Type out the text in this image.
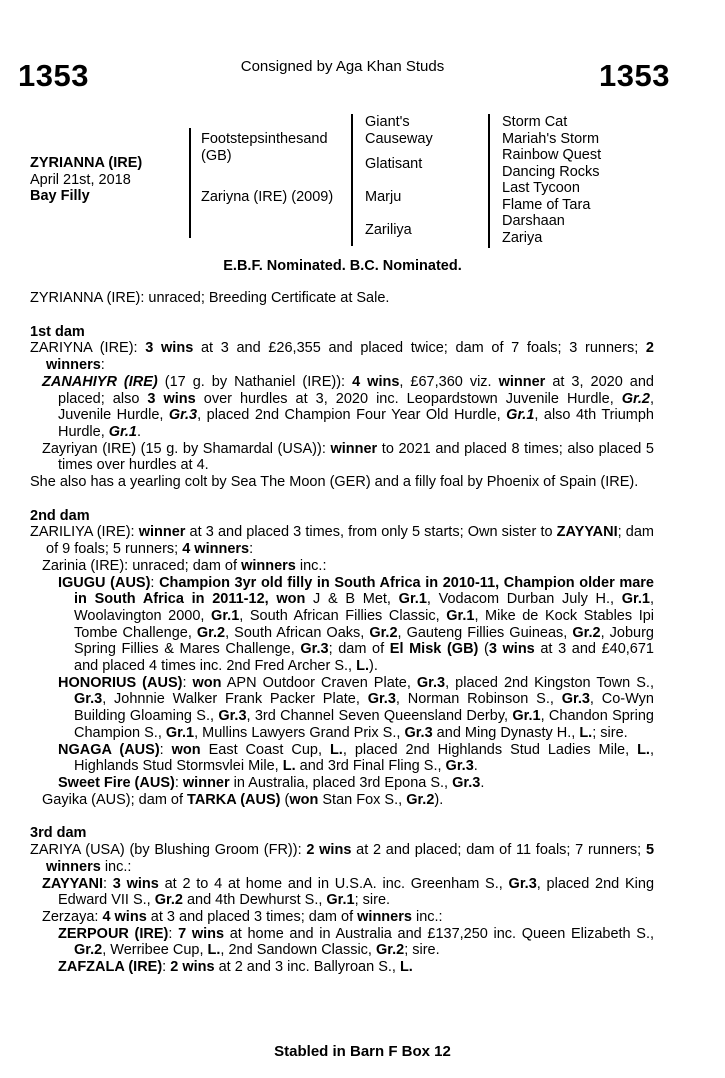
1353	Consigned by Aga Khan Studs	1353
ZYRIANNA (IRE)
April 21st, 2018
Bay Filly
Footstepsinthesand (GB)
Zariyna (IRE) (2009)
Giant's Causeway
Glatisant
Marju
Zariliya
Storm Cat
Mariah's Storm
Rainbow Quest
Dancing Rocks
Last Tycoon
Flame of Tara
Darshaan
Zariya
E.B.F. Nominated. B.C. Nominated.

ZYRIANNA (IRE): unraced; Breeding Certificate at Sale.

1st dam

ZARIYNA (IRE): 3 wins at 3 and £26,355 and placed twice; dam of 7 foals; 3 runners; 2 winners:

ZANAHIYR (IRE) (17 g. by Nathaniel (IRE)): 4 wins, £67,360 viz. winner at 3, 2020 and placed; also 3 wins over hurdles at 3, 2020 inc. Leopardstown Juvenile Hurdle, Gr.2, Juvenile Hurdle, Gr.3, placed 2nd Champion Four Year Old Hurdle, Gr.1, also 4th Triumph Hurdle, Gr.1.

Zayriyan (IRE) (15 g. by Shamardal (USA)): winner to 2021 and placed 8 times; also placed 5 times over hurdles at 4.

She also has a yearling colt by Sea The Moon (GER) and a filly foal by Phoenix of Spain (IRE).

2nd dam

ZARILIYA (IRE): winner at 3 and placed 3 times, from only 5 starts; Own sister to ZAYYANI; dam of 9 foals; 5 runners; 4 winners:

Zarinia (IRE): unraced; dam of winners inc.:

IGUGU (AUS): Champion 3yr old filly in South Africa in 2010-11, Champion older mare in South Africa in 2011-12, won J & B Met, Gr.1, Vodacom Durban July H., Gr.1, Woolavington 2000, Gr.1, South African Fillies Classic, Gr.1, Mike de Kock Stables Ipi Tombe Challenge, Gr.2, South African Oaks, Gr.2, Gauteng Fillies Guineas, Gr.2, Joburg Spring Fillies & Mares Challenge, Gr.3; dam of El Misk (GB) (3 wins at 3 and £40,671 and placed 4 times inc. 2nd Fred Archer S., L.).

HONORIUS (AUS): won APN Outdoor Craven Plate, Gr.3, placed 2nd Kingston Town S., Gr.3, Johnnie Walker Frank Packer Plate, Gr.3, Norman Robinson S., Gr.3, Co-Wyn Building Gloaming S., Gr.3, 3rd Channel Seven Queensland Derby, Gr.1, Chandon Spring Champion S., Gr.1, Mullins Lawyers Grand Prix S., Gr.3 and Ming Dynasty H., L.; sire.

NGAGA (AUS): won East Coast Cup, L., placed 2nd Highlands Stud Ladies Mile, L., Highlands Stud Stormsvlei Mile, L. and 3rd Final Fling S., Gr.3.

Sweet Fire (AUS): winner in Australia, placed 3rd Epona S., Gr.3.

Gayika (AUS); dam of TARKA (AUS) (won Stan Fox S., Gr.2).

3rd dam

ZARIYA (USA) (by Blushing Groom (FR)): 2 wins at 2 and placed; dam of 11 foals; 7 runners; 5 winners inc.:

ZAYYANI: 3 wins at 2 to 4 at home and in U.S.A. inc. Greenham S., Gr.3, placed 2nd King Edward VII S., Gr.2 and 4th Dewhurst S., Gr.1; sire.

Zerzaya: 4 wins at 3 and placed 3 times; dam of winners inc.:

ZERPOUR (IRE): 7 wins at home and in Australia and £137,250 inc. Queen Elizabeth S., Gr.2, Werribee Cup, L., 2nd Sandown Classic, Gr.2; sire.

ZAFZALA (IRE): 2 wins at 2 and 3 inc. Ballyroan S., L.

Stabled in Barn F Box 12
